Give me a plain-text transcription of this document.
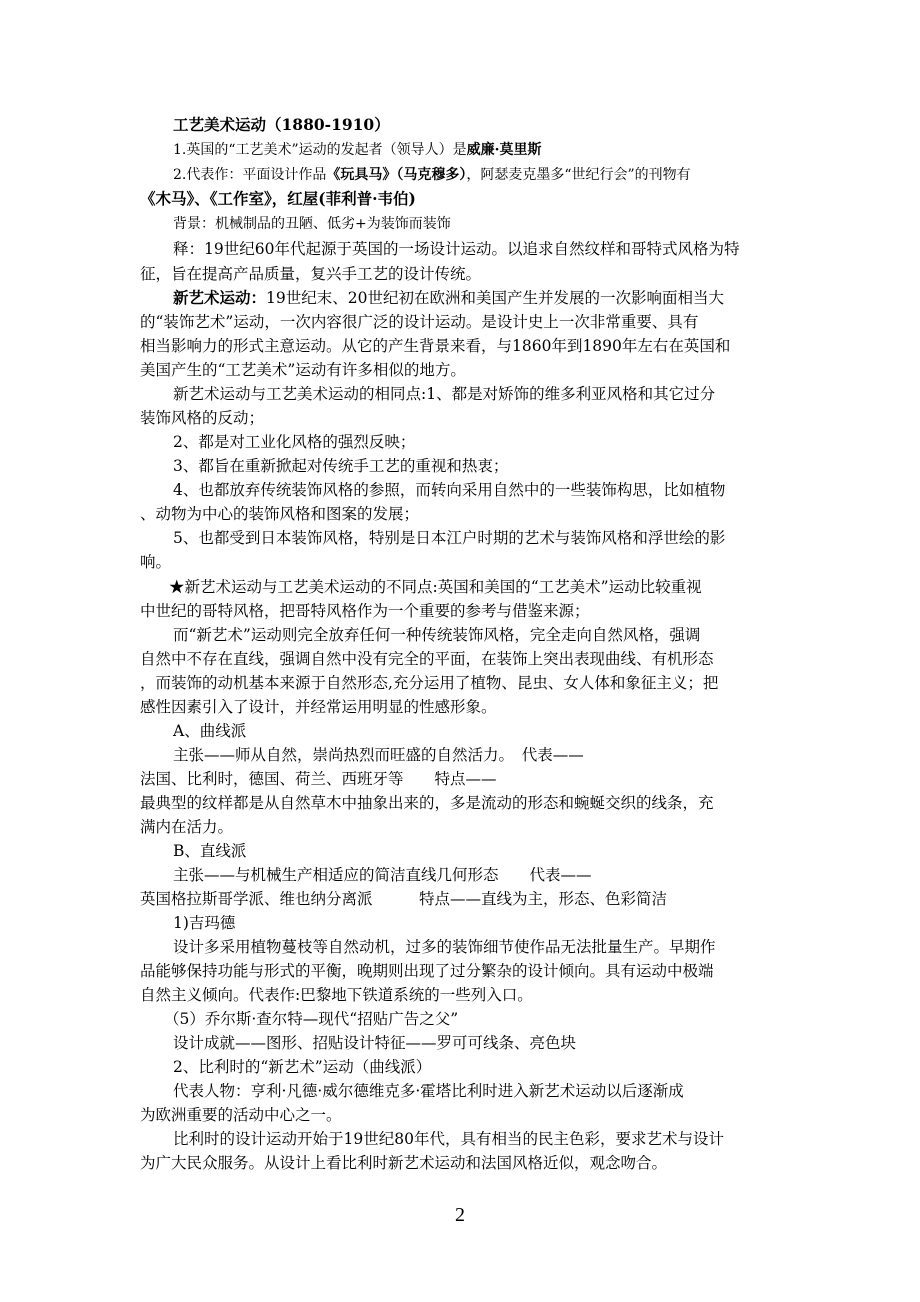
工艺美术运动（1880-1910）
1.英国的“工艺美术”运动的发起者（领导人）是威廉·莫里斯
2.代表作：平面设计作品《玩具马》（马克穆多），阿瑟麦克墨多“世纪行会”的刊物有
《木马》、《工作室》，红屋(菲利普·韦伯)
背景：机械制品的丑陋、低劣+为装饰而装饰
释：19世纪60年代起源于英国的一场设计运动。以追求自然纹样和哥特式风格为特
征，旨在提高产品质量，复兴手工艺的设计传统。
新艺术运动：19世纪末、20世纪初在欧洲和美国产生并发展的一次影响面相当大
的“装饰艺术”运动，一次内容很广泛的设计运动。是设计史上一次非常重要、具有
相当影响力的形式主意运动。从它的产生背景来看，与1860年到1890年左右在英国和
美国产生的“工艺美术”运动有许多相似的地方。
新艺术运动与工艺美术运动的相同点:1、都是对矫饰的维多利亚风格和其它过分
装饰风格的反动；
2、都是对工业化风格的强烈反映；
3、都旨在重新掀起对传统手工艺的重视和热衷；
4、也都放弃传统装饰风格的参照，而转向采用自然中的一些装饰构思，比如植物
、动物为中心的装饰风格和图案的发展；
5、也都受到日本装饰风格，特别是日本江户时期的艺术与装饰风格和浮世绘的影
响。
★新艺术运动与工艺美术运动的不同点:英国和美国的“工艺美术”运动比较重视
中世纪的哥特风格，把哥特风格作为一个重要的参考与借鉴来源；
而“新艺术”运动则完全放弃任何一种传统装饰风格，完全走向自然风格，强调
自然中不存在直线，强调自然中没有完全的平面，在装饰上突出表现曲线、有机形态
，而装饰的动机基本来源于自然形态,充分运用了植物、昆虫、女人体和象征主义；把
感性因素引入了设计，并经常运用明显的性感形象。
A、曲线派
主张——师从自然，崇尚热烈而旺盛的自然活力。　代表——
法国、比利时，德国、荷兰、西班牙等　　特点——
最典型的纹样都是从自然草木中抽象出来的，多是流动的形态和蜿蜒交织的线条，充
满内在活力。
B、直线派
主张——与机械生产相适应的简洁直线几何形态　　代表——
英国格拉斯哥学派、维也纳分离派　　　特点——直线为主，形态、色彩简洁
1)吉玛德
设计多采用植物蔓枝等自然动机，过多的装饰细节使作品无法批量生产。早期作
品能够保持功能与形式的平衡，晚期则出现了过分繁杂的设计倾向。具有运动中极端
自然主义倾向。代表作:巴黎地下铁道系统的一些列入口。
（5）乔尔斯·查尔特—现代“招贴广告之父”
设计成就——图形、招贴设计特征——罗可可线条、亮色块
2、比利时的“新艺术”运动（曲线派）
代表人物：亨利·凡德·威尔德维克多·霍塔比利时进入新艺术运动以后逐渐成
为欧洲重要的活动中心之一。
比利时的设计运动开始于19世纪80年代，具有相当的民主色彩，要求艺术与设计
为广大民众服务。从设计上看比利时新艺术运动和法国风格近似，观念吻合。
2
